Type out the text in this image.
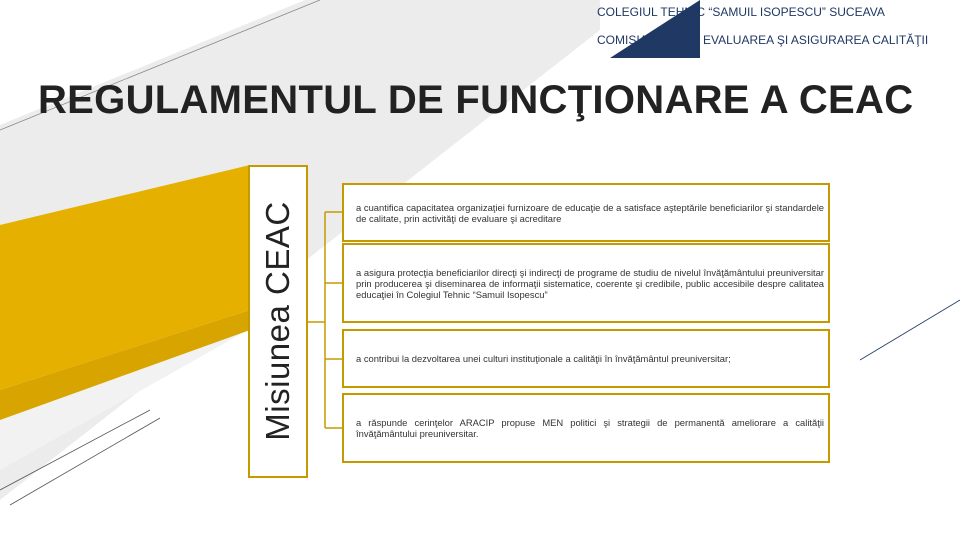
COLEGIUL TEHNIC “SAMUIL ISOPESCU” SUCEAVA
COMISIA PENTRU EVALUAREA ŞI ASIGURAREA CALITĂŢII
REGULAMENTUL DE FUNCŢIONARE A CEAC
Misiunea CEAC	a cuantifica capacitatea organizaţiei furnizoare de educaţie de a satisface aşteptările beneficiarilor şi standardele de calitate, prin activităţi de evaluare şi acreditare
a asigura protecţia beneficiarilor direcţi şi indirecţi de programe de studiu de nivelul învăţământului preuniversitar prin producerea şi diseminarea de informaţii sistematice, coerente şi credibile, public accesibile despre calitatea educaţiei în Colegiul Tehnic “Samuil Isopescu”
a contribui la dezvoltarea unei culturi instituţionale a calităţii în învăţământul preuniversitar;
a răspunde cerinţelor ARACIP propuse MEN politici şi strategii de permanentă ameliorare a calităţii învăţământului preuniversitar.
